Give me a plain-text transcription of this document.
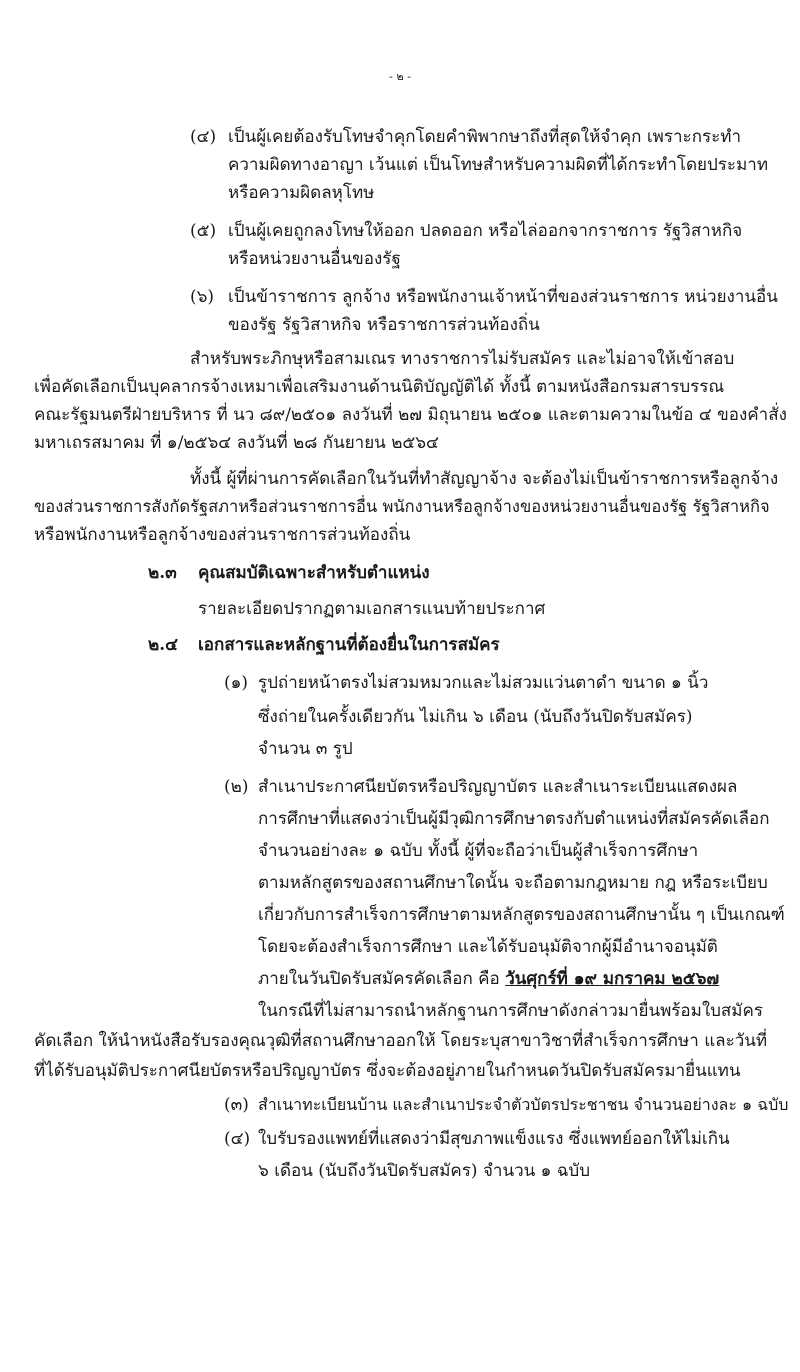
- ๒ -
(๔) เป็นผู้เคยต้องรับโทษจำคุกโดยคำพิพากษาถึงที่สุดให้จำคุก เพราะกระทำ
ความผิดทางอาญา เว้นแต่ เป็นโทษสำหรับความผิดที่ได้กระทำโดยประมาท
หรือความผิดลหุโทษ
(๕) เป็นผู้เคยถูกลงโทษให้ออก ปลดออก หรือไล่ออกจากราชการ รัฐวิสาหกิจ
หรือหน่วยงานอื่นของรัฐ
(๖) เป็นข้าราชการ ลูกจ้าง หรือพนักงานเจ้าหน้าที่ของส่วนราชการ หน่วยงานอื่น
ของรัฐ รัฐวิสาหกิจ หรือราชการส่วนท้องถิ่น
สำหรับพระภิกษุหรือสามเณร ทางราชการไม่รับสมัคร และไม่อาจให้เข้าสอบ
เพื่อคัดเลือกเป็นบุคลากรจ้างเหมาเพื่อเสริมงานด้านนิติบัญญัติได้ ทั้งนี้ ตามหนังสือกรมสารบรรณ
คณะรัฐมนตรีฝ่ายบริหาร ที่ นว ๘๙/๒๕๐๑ ลงวันที่ ๒๗ มิถุนายน ๒๕๐๑ และตามความในข้อ ๔ ของคำสั่ง
มหาเถรสมาคม ที่ ๑/๒๕๖๔ ลงวันที่ ๒๘ กันยายน ๒๕๖๔
ทั้งนี้ ผู้ที่ผ่านการคัดเลือกในวันที่ทำสัญญาจ้าง จะต้องไม่เป็นข้าราชการหรือลูกจ้าง
ของส่วนราชการสังกัดรัฐสภาหรือส่วนราชการอื่น พนักงานหรือลูกจ้างของหน่วยงานอื่นของรัฐ รัฐวิสาหกิจ
หรือพนักงานหรือลูกจ้างของส่วนราชการส่วนท้องถิ่น
๒.๓ คุณสมบัติเฉพาะสำหรับตำแหน่ง
รายละเอียดปรากฏตามเอกสารแนบท้ายประกาศ
๒.๔ เอกสารและหลักฐานที่ต้องยื่นในการสมัคร
(๑) รูปถ่ายหน้าตรงไม่สวมหมวกและไม่สวมแว่นตาดำ ขนาด ๑ นิ้ว
ซึ่งถ่ายในครั้งเดียวกัน ไม่เกิน ๖ เดือน (นับถึงวันปิดรับสมัคร)
จำนวน ๓ รูป
(๒) สำเนาประกาศนียบัตรหรือปริญญาบัตร และสำเนาระเบียนแสดงผล
การศึกษาที่แสดงว่าเป็นผู้มีวุฒิการศึกษาตรงกับตำแหน่งที่สมัครคัดเลือก
จำนวนอย่างละ ๑ ฉบับ ทั้งนี้ ผู้ที่จะถือว่าเป็นผู้สำเร็จการศึกษา
ตามหลักสูตรของสถานศึกษาใดนั้น จะถือตามกฎหมาย กฎ หรือระเบียบ
เกี่ยวกับการสำเร็จการศึกษาตามหลักสูตรของสถานศึกษานั้น ๆ เป็นเกณฑ์
โดยจะต้องสำเร็จการศึกษา และได้รับอนุมัติจากผู้มีอำนาจอนุมัติ
ภายในวันปิดรับสมัครคัดเลือก คือ วันศุกร์ที่ ๑๙ มกราคม ๒๕๖๗
ในกรณีที่ไม่สามารถนำหลักฐานการศึกษาดังกล่าวมายื่นพร้อมใบสมัคร
คัดเลือก ให้นำหนังสือรับรองคุณวุฒิที่สถานศึกษาออกให้ โดยระบุสาขาวิชาที่สำเร็จการศึกษา และวันที่
ที่ได้รับอนุมัติประกาศนียบัตรหรือปริญญาบัตร ซึ่งจะต้องอยู่ภายในกำหนดวันปิดรับสมัครมายื่นแทน
(๓) สำเนาทะเบียนบ้าน และสำเนาประจำตัวบัตรประชาชน จำนวนอย่างละ ๑ ฉบับ
(๔) ใบรับรองแพทย์ที่แสดงว่ามีสุขภาพแข็งแรง ซึ่งแพทย์ออกให้ไม่เกิน
๖ เดือน (นับถึงวันปิดรับสมัคร) จำนวน ๑ ฉบับ
